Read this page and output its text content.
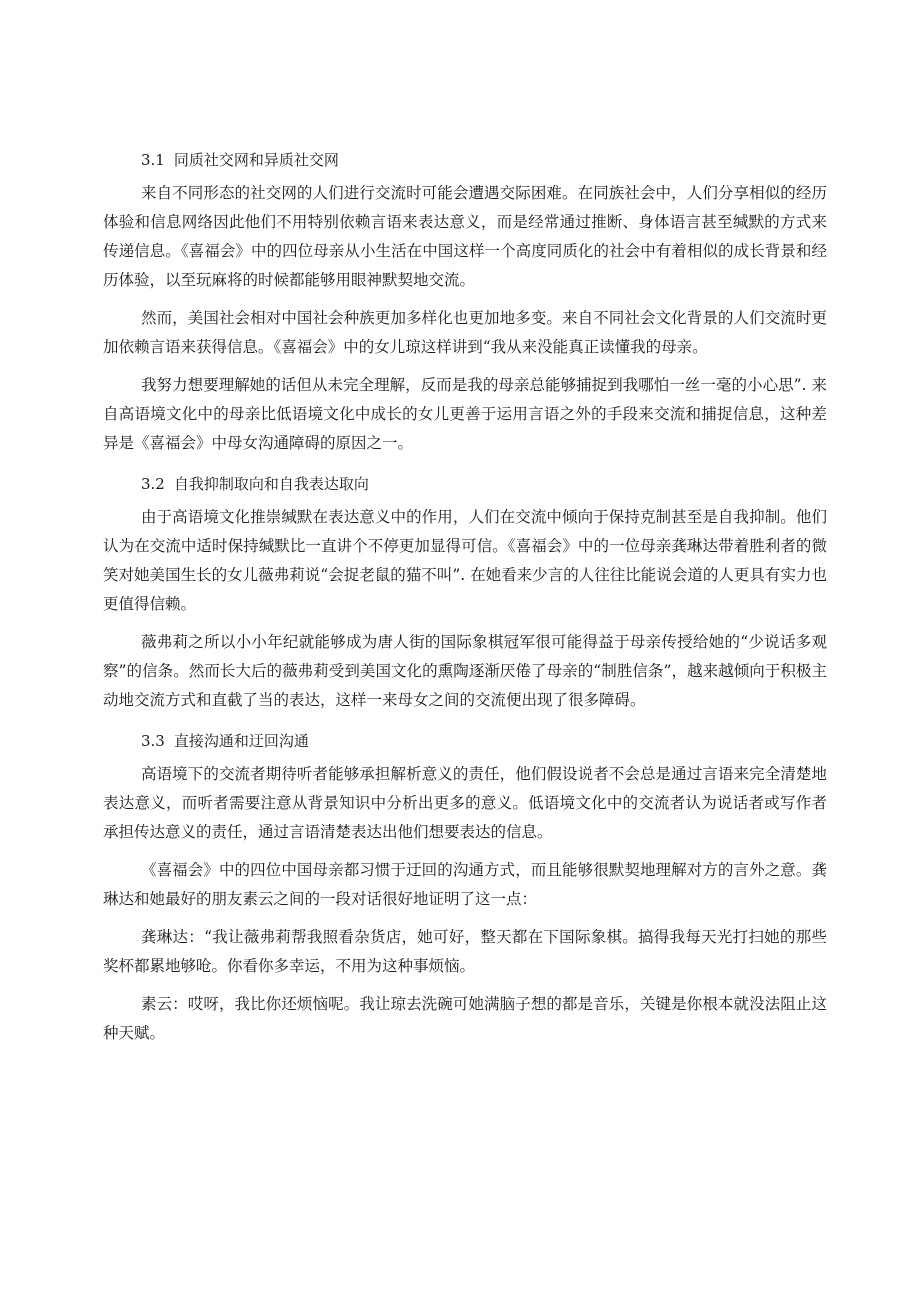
3.1 同质社交网和异质社交网

来自不同形态的社交网的人们进行交流时可能会遭遇交际困难。在同族社会中，人们分享相似的经历体验和信息网络因此他们不用特别依赖言语来表达意义，而是经常通过推断、身体语言甚至缄默的方式来传递信息。《喜福会》中的四位母亲从小生活在中国这样一个高度同质化的社会中有着相似的成长背景和经历体验，以至玩麻将的时候都能够用眼神默契地交流。

然而，美国社会相对中国社会种族更加多样化也更加地多变。来自不同社会文化背景的人们交流时更加依赖言语来获得信息。《喜福会》中的女儿琼这样讲到“我从来没能真正读懂我的母亲。

我努力想要理解她的话但从未完全理解，反而是我的母亲总能够捕捉到我哪怕一丝一毫的小心思”. 来自高语境文化中的母亲比低语境文化中成长的女儿更善于运用言语之外的手段来交流和捕捉信息，这种差异是《喜福会》中母女沟通障碍的原因之一。

3.2 自我抑制取向和自我表达取向

由于高语境文化推崇缄默在表达意义中的作用，人们在交流中倾向于保持克制甚至是自我抑制。他们认为在交流中适时保持缄默比一直讲个不停更加显得可信。《喜福会》中的一位母亲龚琳达带着胜利者的微笑对她美国生长的女儿薇弗莉说“会捉老鼠的猫不叫”. 在她看来少言的人往往比能说会道的人更具有实力也更值得信赖。

薇弗莉之所以小小年纪就能够成为唐人街的国际象棋冠军很可能得益于母亲传授给她的“少说话多观察”的信条。然而长大后的薇弗莉受到美国文化的熏陶逐渐厌倦了母亲的“制胜信条”，越来越倾向于积极主动地交流方式和直截了当的表达，这样一来母女之间的交流便出现了很多障碍。

3.3 直接沟通和迂回沟通

高语境下的交流者期待听者能够承担解析意义的责任，他们假设说者不会总是通过言语来完全清楚地表达意义，而听者需要注意从背景知识中分析出更多的意义。低语境文化中的交流者认为说话者或写作者承担传达意义的责任，通过言语清楚表达出他们想要表达的信息。

《喜福会》中的四位中国母亲都习惯于迂回的沟通方式，而且能够很默契地理解对方的言外之意。龚琳达和她最好的朋友素云之间的一段对话很好地证明了这一点：

龚琳达：“我让薇弗莉帮我照看杂货店，她可好，整天都在下国际象棋。搞得我每天光打扫她的那些奖杯都累地够呛。你看你多幸运，不用为这种事烦恼。

素云：哎呀，我比你还烦恼呢。我让琼去洗碗可她满脑子想的都是音乐，关键是你根本就没法阻止这种天赋。
